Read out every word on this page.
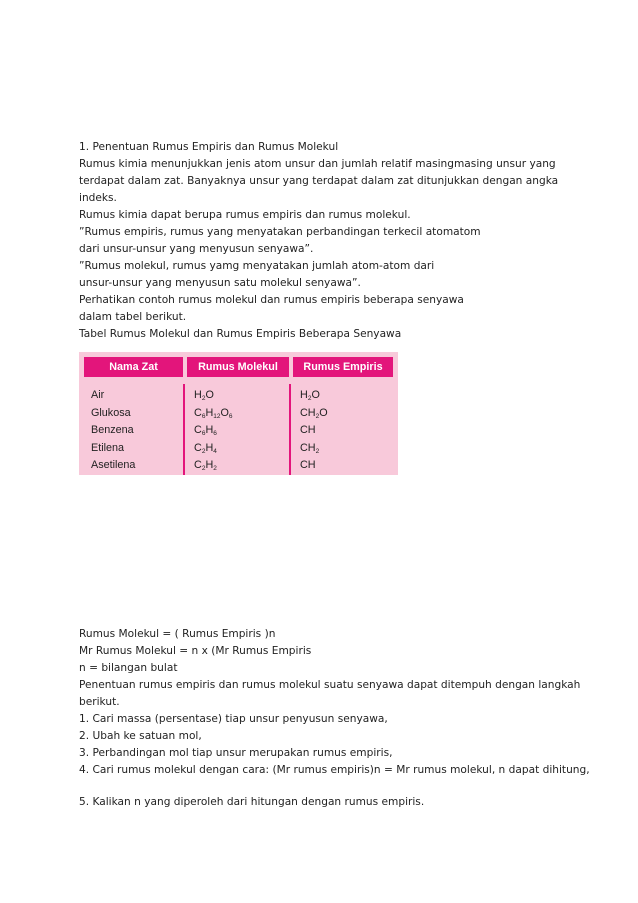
1. Penentuan Rumus Empiris dan Rumus Molekul
Rumus kimia menunjukkan jenis atom unsur dan jumlah relatif masingmasing unsur yang
terdapat dalam zat. Banyaknya unsur yang terdapat dalam zat ditunjukkan dengan angka
indeks.
Rumus kimia dapat berupa rumus empiris dan rumus molekul.
”Rumus empiris, rumus yang menyatakan perbandingan terkecil atomatom
dari unsur-unsur yang menyusun senyawa”.
”Rumus molekul, rumus yamg menyatakan jumlah atom-atom dari
unsur-unsur yang menyusun satu molekul senyawa”.
Perhatikan contoh rumus molekul dan rumus empiris beberapa senyawa
dalam tabel berikut.
Tabel Rumus Molekul dan Rumus Empiris Beberapa Senyawa
Nama Zat	Rumus Molekul	Rumus Empiris
Air
Glukosa
Benzena
Etilena
Asetilena
$H_2O$
$C_6H_{12}O_6$
$C_6H_6$
$C_2H_4$
$C_2H_2$
$H_2O$
$CH_2O$
CH
$CH_2$
CH
Rumus Molekul = ( Rumus Empiris )n
Mr Rumus Molekul = n x (Mr Rumus Empiris
n = bilangan bulat
Penentuan rumus empiris dan rumus molekul suatu senyawa dapat ditempuh dengan langkah
berikut.
1. Cari massa (persentase) tiap unsur penyusun senyawa,
2. Ubah ke satuan mol,
3. Perbandingan mol tiap unsur merupakan rumus empiris,
4. Cari rumus molekul dengan cara: (Mr rumus empiris)n = Mr rumus molekul, n dapat dihitung,
5. Kalikan n yang diperoleh dari hitungan dengan rumus empiris.
